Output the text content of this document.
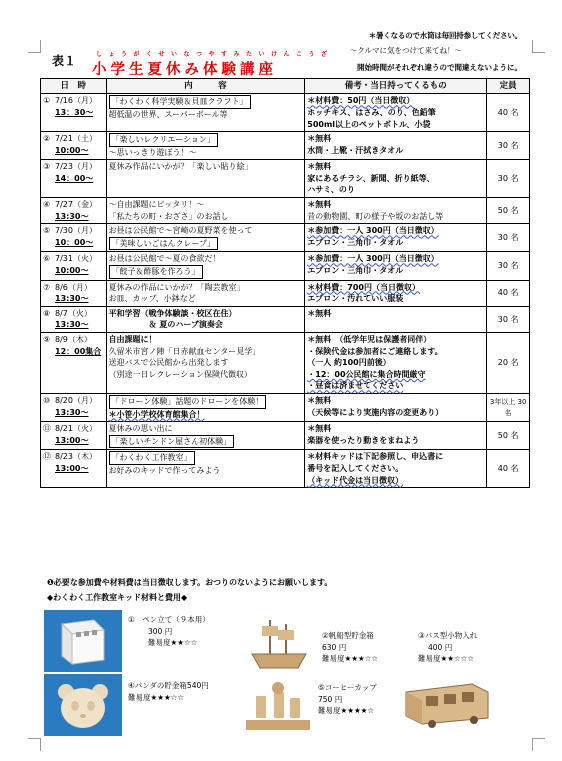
＊暑くなるので水筒は毎回持参してください。
～クルマに気をつけて来てね！～
開始時間がそれぞれ違うので間違えないように。
表１	しょうがくせいなつやすみたいけんこうざ
小学生夏休み体験講座
日　時	内　　　容	備考・当日持ってくるもの	定員
① 7/16（月）
13：30～	「わくわく科学実験＆貝皿クラフト」
超低温の世界、スーパーボール等	＊材料費：50円（当日徴収）
ホッチキス、はさみ、のり、色鉛筆
500ml以上のペットボトル、小袋	40 名
② 7/21（土）
10:00～	「楽しいレクリエーション」
～思いっきり遊ぼう！～	＊無料
水筒・上靴・汗拭きタオル	30 名
③ 7/23（月）
14：00～	夏休み作品にいかが？「楽しい貼り絵」	＊無料
家にあるチラシ、新聞、折り紙等、
ハサミ、のり	30 名
④ 7/27（金）
13:30～	～自由課題にピッタリ！～
「私たちの町・おざさ」のお話し	＊無料
昔の動物園、町の様子や坂のお話し等	50 名
⑤ 7/30（月）
10：00～	お昼は公民館で～宮崎の夏野菜を使って
「美味しいごはんクレープ」	＊参加費：一人 300円（当日徴収）
エプロン・三角巾・タオル	30 名
⑥ 7/31（火）
10:00～	お昼は公民館で～夏の食欲だ！
「餃子＆酢豚を作ろう」	＊参加費：一人 300円（当日徴収）
エプロン・三角巾・タオル	30 名
⑦ 8/6（月）
13:30～	夏休みの作品にいかが？「陶芸教室」
お皿、カップ、小鉢など	＊材料費：700円（当日徴収）
エプロン・汚れていい服装	40 名
⑧ 8/7（火）
13:30～	平和学習（戦争体験談・校区在住）
＆ 夏のハーブ演奏会	＊無料	30 名
⑨ 8/9（木）
12：00集合	自由課題に！
久留米市宮ノ陣「日赤献血センター見学」
送迎バスで公民館から出発します
（別途一日レクレーション保険代徴収）	＊無料　（低学年児は保護者同伴）
・保険代金は参加者にご連絡します。
（一人 約100円前後）
・12：00公民館に集合時間厳守
・昼食は済ませてください	20 名
⑩ 8/20（月）
13:30～	「ドローン体験」話題のドローンを体験！
＊小笹小学校体育館集合！	＊無料
（天候等により実施内容の変更あり）	3年以上 30 名
⑪ 8/21（火）
13:00～	夏休みの思い出に
「楽しいチンドン屋さん初体験」	＊無料
楽器を使ったり動きをまねよう	50 名
⑫ 8/23（木）
13:00～	「わくわく工作教室」
お好みのキッドで作ってみよう	＊材料キッドは下記参照し、申込書に
番号を記入してください。
（キッド代金は当日徴収）	40 名
❶必要な参加費や材料費は当日徴収します。おつりのないようにお願いします。
◆わくわく工作教室キッド材料と費用◆
①　ペン立て（９本用）
300 円
難易度★★☆☆
②帆船型貯金箱
630 円
難易度★★★☆☆
③バス型小物入れ
400 円
難易度★★☆☆☆
④パンダの貯金箱540円
難易度★★★☆☆
⑤コーヒーカップ
750 円
難易度★★★★☆
